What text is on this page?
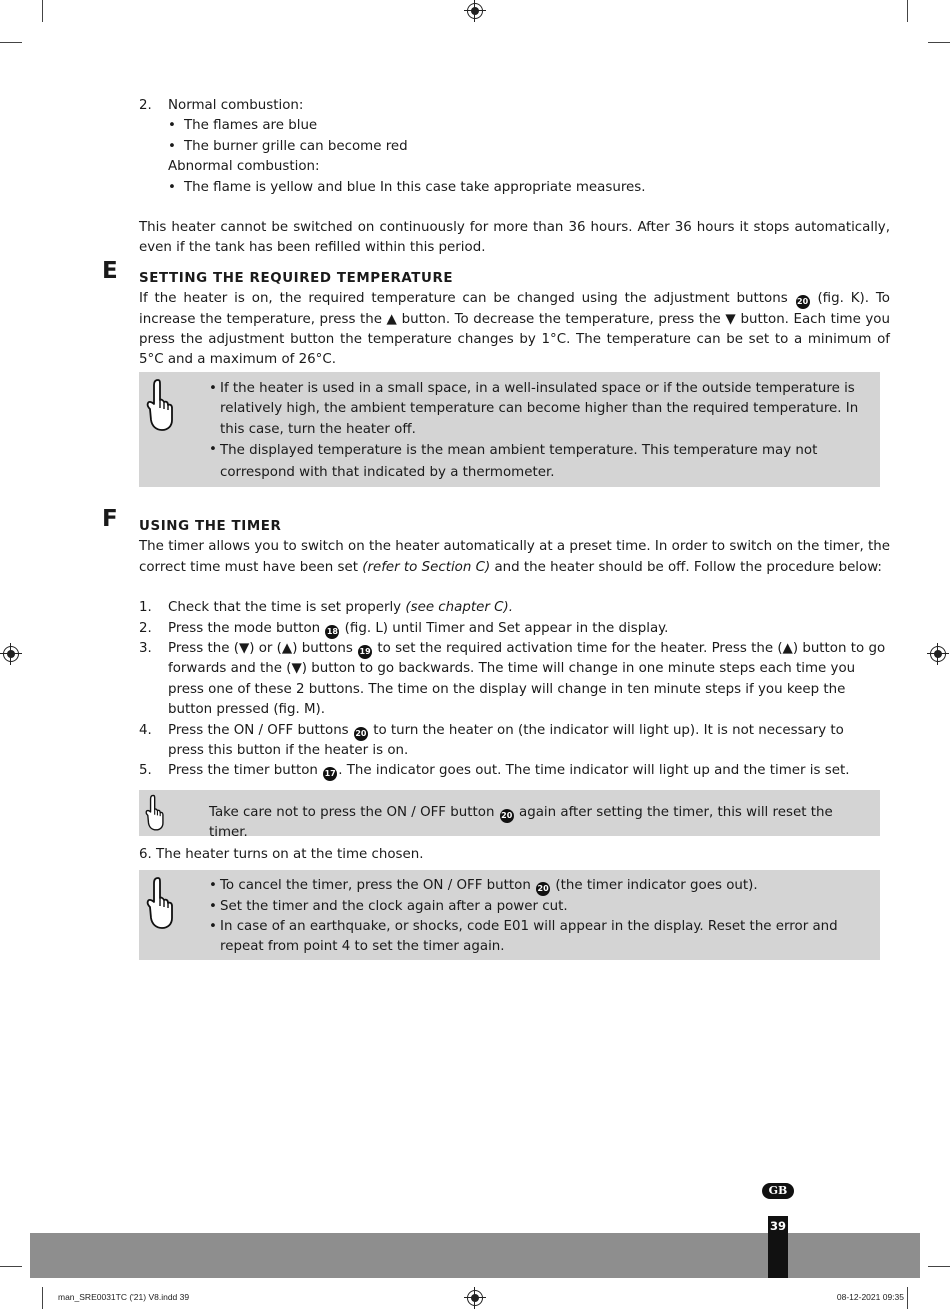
2.	Normal combustion:
• The flames are blue
• The burner grille can become red
Abnormal combustion:
• The flame is yellow and blue In this case take appropriate measures.

This heater cannot be switched on continuously for more than 36 hours. After 36 hours it stops automatically, even if the tank has been refilled within this period.

E SETTING THE REQUIRED TEMPERATURE

If the heater is on, the required temperature can be changed using the adjustment buttons 20 (fig. K). To increase the temperature, press the ▲ button. To decrease the temperature, press the ▼ button. Each time you press the adjustment button the temperature changes by 1°C. The temperature can be set to a minimum of 5°C and a maximum of 26°C.

• If the heater is used in a small space, in a well-insulated space or if the outside temperature is relatively high, the ambient temperature can become higher than the required temperature. In this case, turn the heater off.
• The displayed temperature is the mean ambient temperature. This temperature may not correspond with that indicated by a thermometer.
F USING THE TIMER

The timer allows you to switch on the heater automatically at a preset time. In order to switch on the timer, the correct time must have been set (refer to Section C) and the heater should be off. Follow the procedure below:

1.	Check that the time is set properly (see chapter C).
2.	Press the mode button 18 (fig. L) until Timer and Set appear in the display.
3.	Press the (▼) or (▲) buttons 19 to set the required activation time for the heater. Press the (▲) button to go forwards and the (▼) button to go backwards. The time will change in one minute steps each time you press one of these 2 buttons. The time on the display will change in ten minute steps if you keep the button pressed (fig. M).
4.	Press the ON / OFF buttons 20 to turn the heater on (the indicator will light up). It is not necessary to press this button if the heater is on.
5.	Press the timer button 17 . The indicator goes out. The time indicator will light up and the timer is set.
Take care not to press the ON / OFF button 20 again after setting the timer, this will reset the timer.

6. The heater turns on at the time chosen.

• To cancel the timer, press the ON / OFF button 20 (the timer indicator goes out).
• Set the timer and the clock again after a power cut.
• In case of an earthquake, or shocks, code E01 will appear in the display. Reset the error and repeat from point 4 to set the timer again.
GB
39
man_SRE0031TC ('21) V8.indd 39	08-12-2021 09:35
